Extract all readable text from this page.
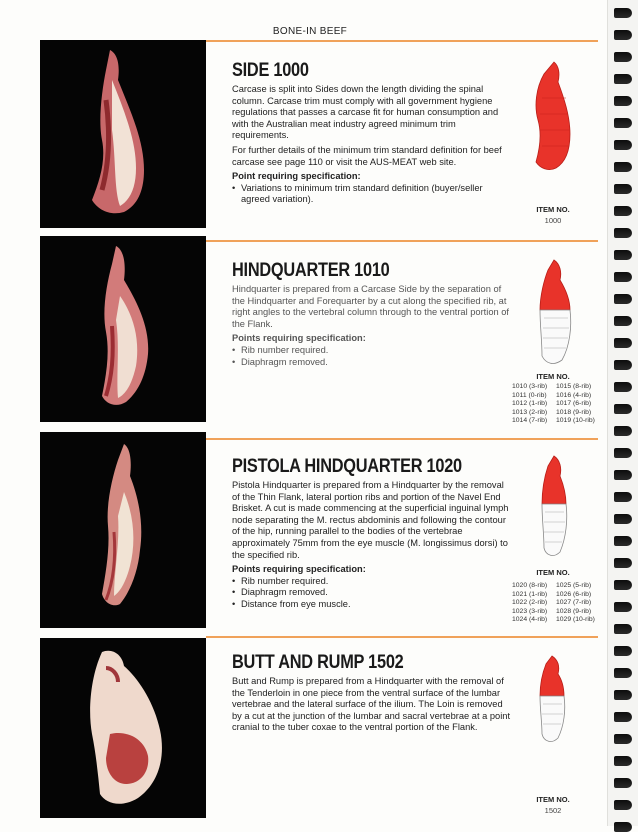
BONE-IN BEEF
SIDE 1000

Carcase is split into Sides down the length dividing the spinal column. Carcase trim must comply with all government hygiene regulations that passes a carcase fit for human consumption and with the Australian meat industry agreed minimum trim requirements.

For further details of the minimum trim standard definition for beef carcase see page 110 or visit the AUS-MEAT web site.

Point requiring specification:
• Variations to minimum trim standard definition (buyer/seller agreed variation).
ITEM NO.
1000
HINDQUARTER 1010

Hindquarter is prepared from a Carcase Side by the separation of the Hindquarter and Forequarter by a cut along the specified rib, at right angles to the vertebral column through to the ventral portion of the Flank.

Points requiring specification:
• Rib number required.
• Diaphragm removed.
ITEM NO.
1010 (3-rib) 1015 (8-rib)
1011 (0-rib) 1016 (4-rib)
1012 (1-rib) 1017 (6-rib)
1013 (2-rib) 1018 (9-rib)
1014 (7-rib) 1019 (10-rib)
PISTOLA HINDQUARTER 1020

Pistola Hindquarter is prepared from a Hindquarter by the removal of the Thin Flank, lateral portion ribs and portion of the Navel End Brisket. A cut is made commencing at the superficial inguinal lymph node separating the M. rectus abdominis and following the contour of the hip, running parallel to the bodies of the vertebrae approximately 75mm from the eye muscle (M. longissimus dorsi) to the specified rib.

Points requiring specification:
• Rib number required.
• Diaphragm removed.
• Distance from eye muscle.
ITEM NO.
1020 (8-rib) 1025 (5-rib)
1021 (1-rib) 1026 (6-rib)
1022 (2-rib) 1027 (7-rib)
1023 (3-rib) 1028 (9-rib)
1024 (4-rib) 1029 (10-rib)
BUTT AND RUMP 1502

Butt and Rump is prepared from a Hindquarter with the removal of the Tenderloin in one piece from the ventral surface of the lumbar vertebrae and the lateral surface of the ilium. The Loin is removed by a cut at the junction of the lumbar and sacral vertebrae at a point cranial to the tuber coxae to the ventral portion of the Flank.

ITEM NO.
1502
